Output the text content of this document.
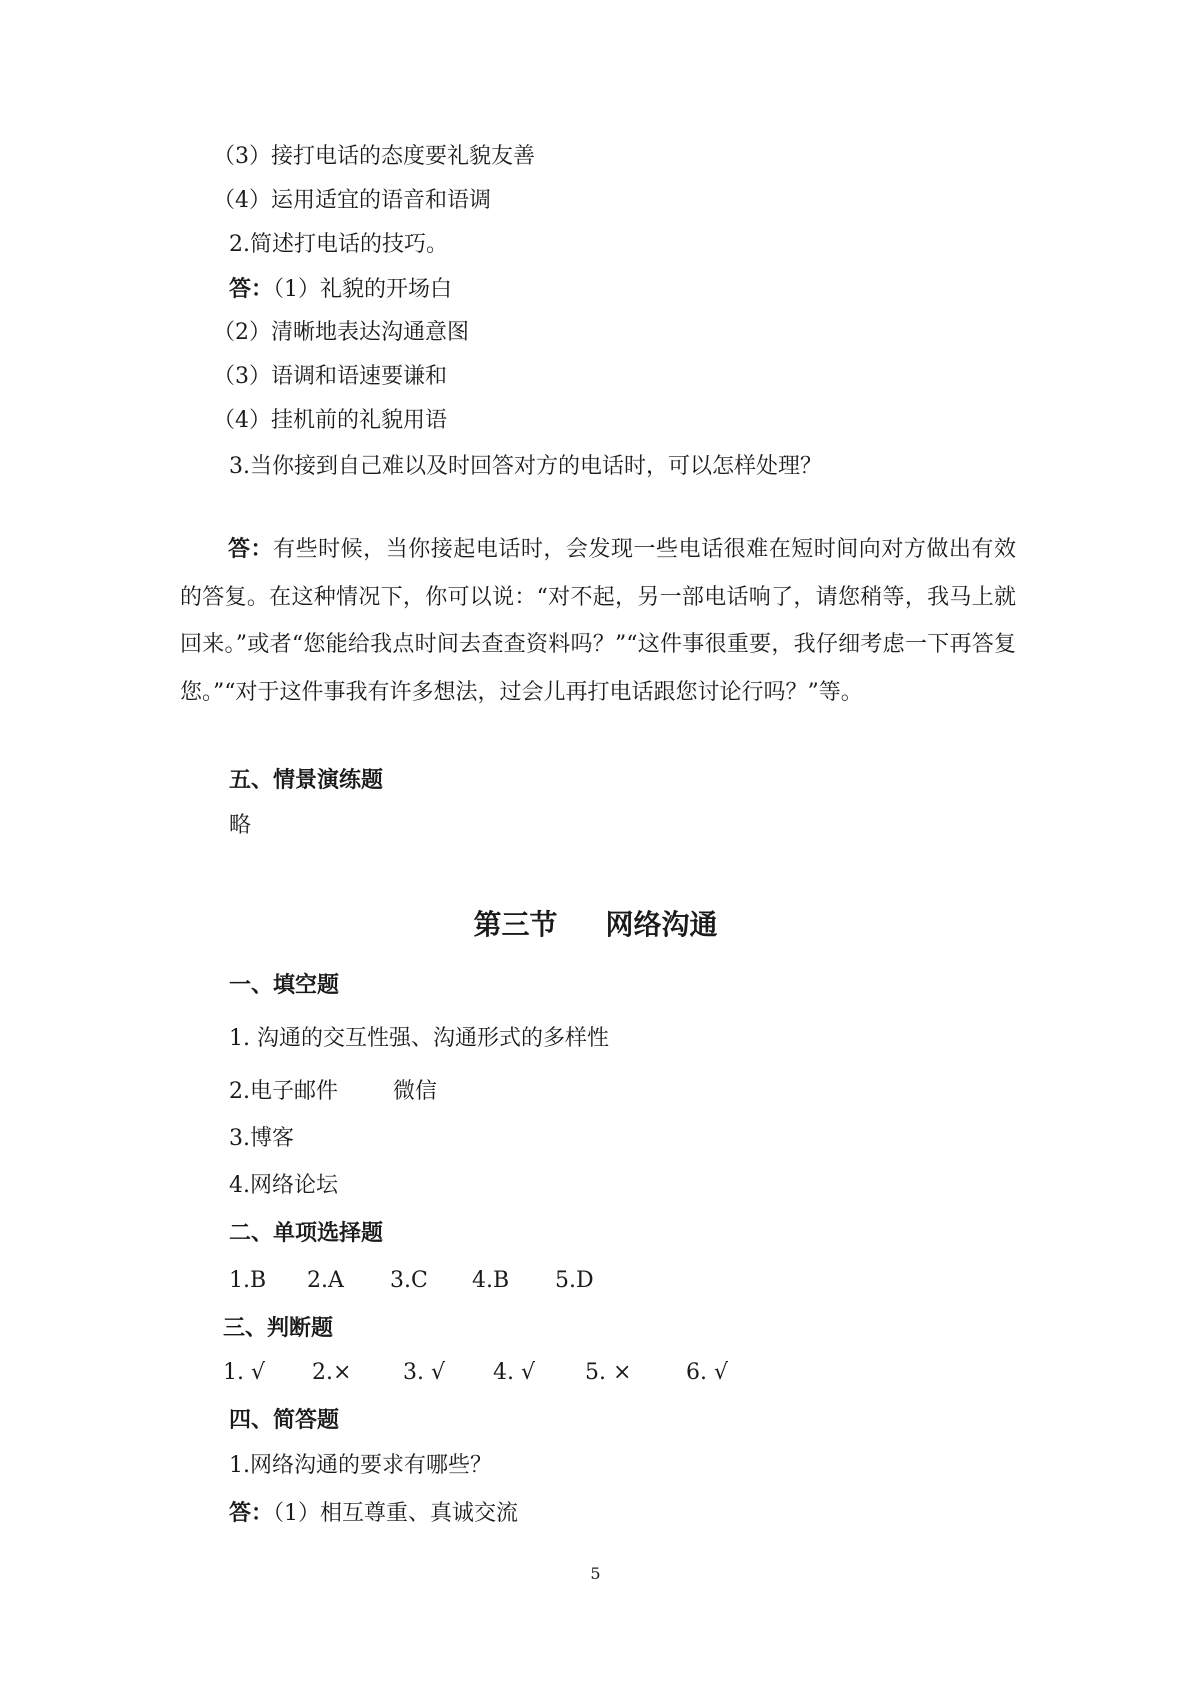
（3）接打电话的态度要礼貌友善
（4）运用适宜的语音和语调
2.简述打电话的技巧。
答：（1）礼貌的开场白
（2）清晰地表达沟通意图
（3）语调和语速要谦和
（4）挂机前的礼貌用语
3.当你接到自己难以及时回答对方的电话时，可以怎样处理？
答：有些时候，当你接起电话时，会发现一些电话很难在短时间向对方做出有效的答复。在这种情况下，你可以说：“对不起，另一部电话响了，请您稍等，我马上就回来。”或者“您能给我点时间去查查资料吗？”“这件事很重要，我仔细考虑一下再答复您。”“对于这件事我有许多想法，过会儿再打电话跟您讨论行吗？”等。
五、情景演练题
略
第三节 网络沟通
一、填空题
1. 沟通的交互性强、沟通形式的多样性
2.电子邮件	微信
3.博客
4.网络论坛
二、单项选择题
1.B 2.A 3.C 4.B 5.D
三、判断题
1. √ 2.× 3. √ 4. √ 5. × 6. √
四、简答题
1.网络沟通的要求有哪些？
答：（1）相互尊重、真诚交流
5
